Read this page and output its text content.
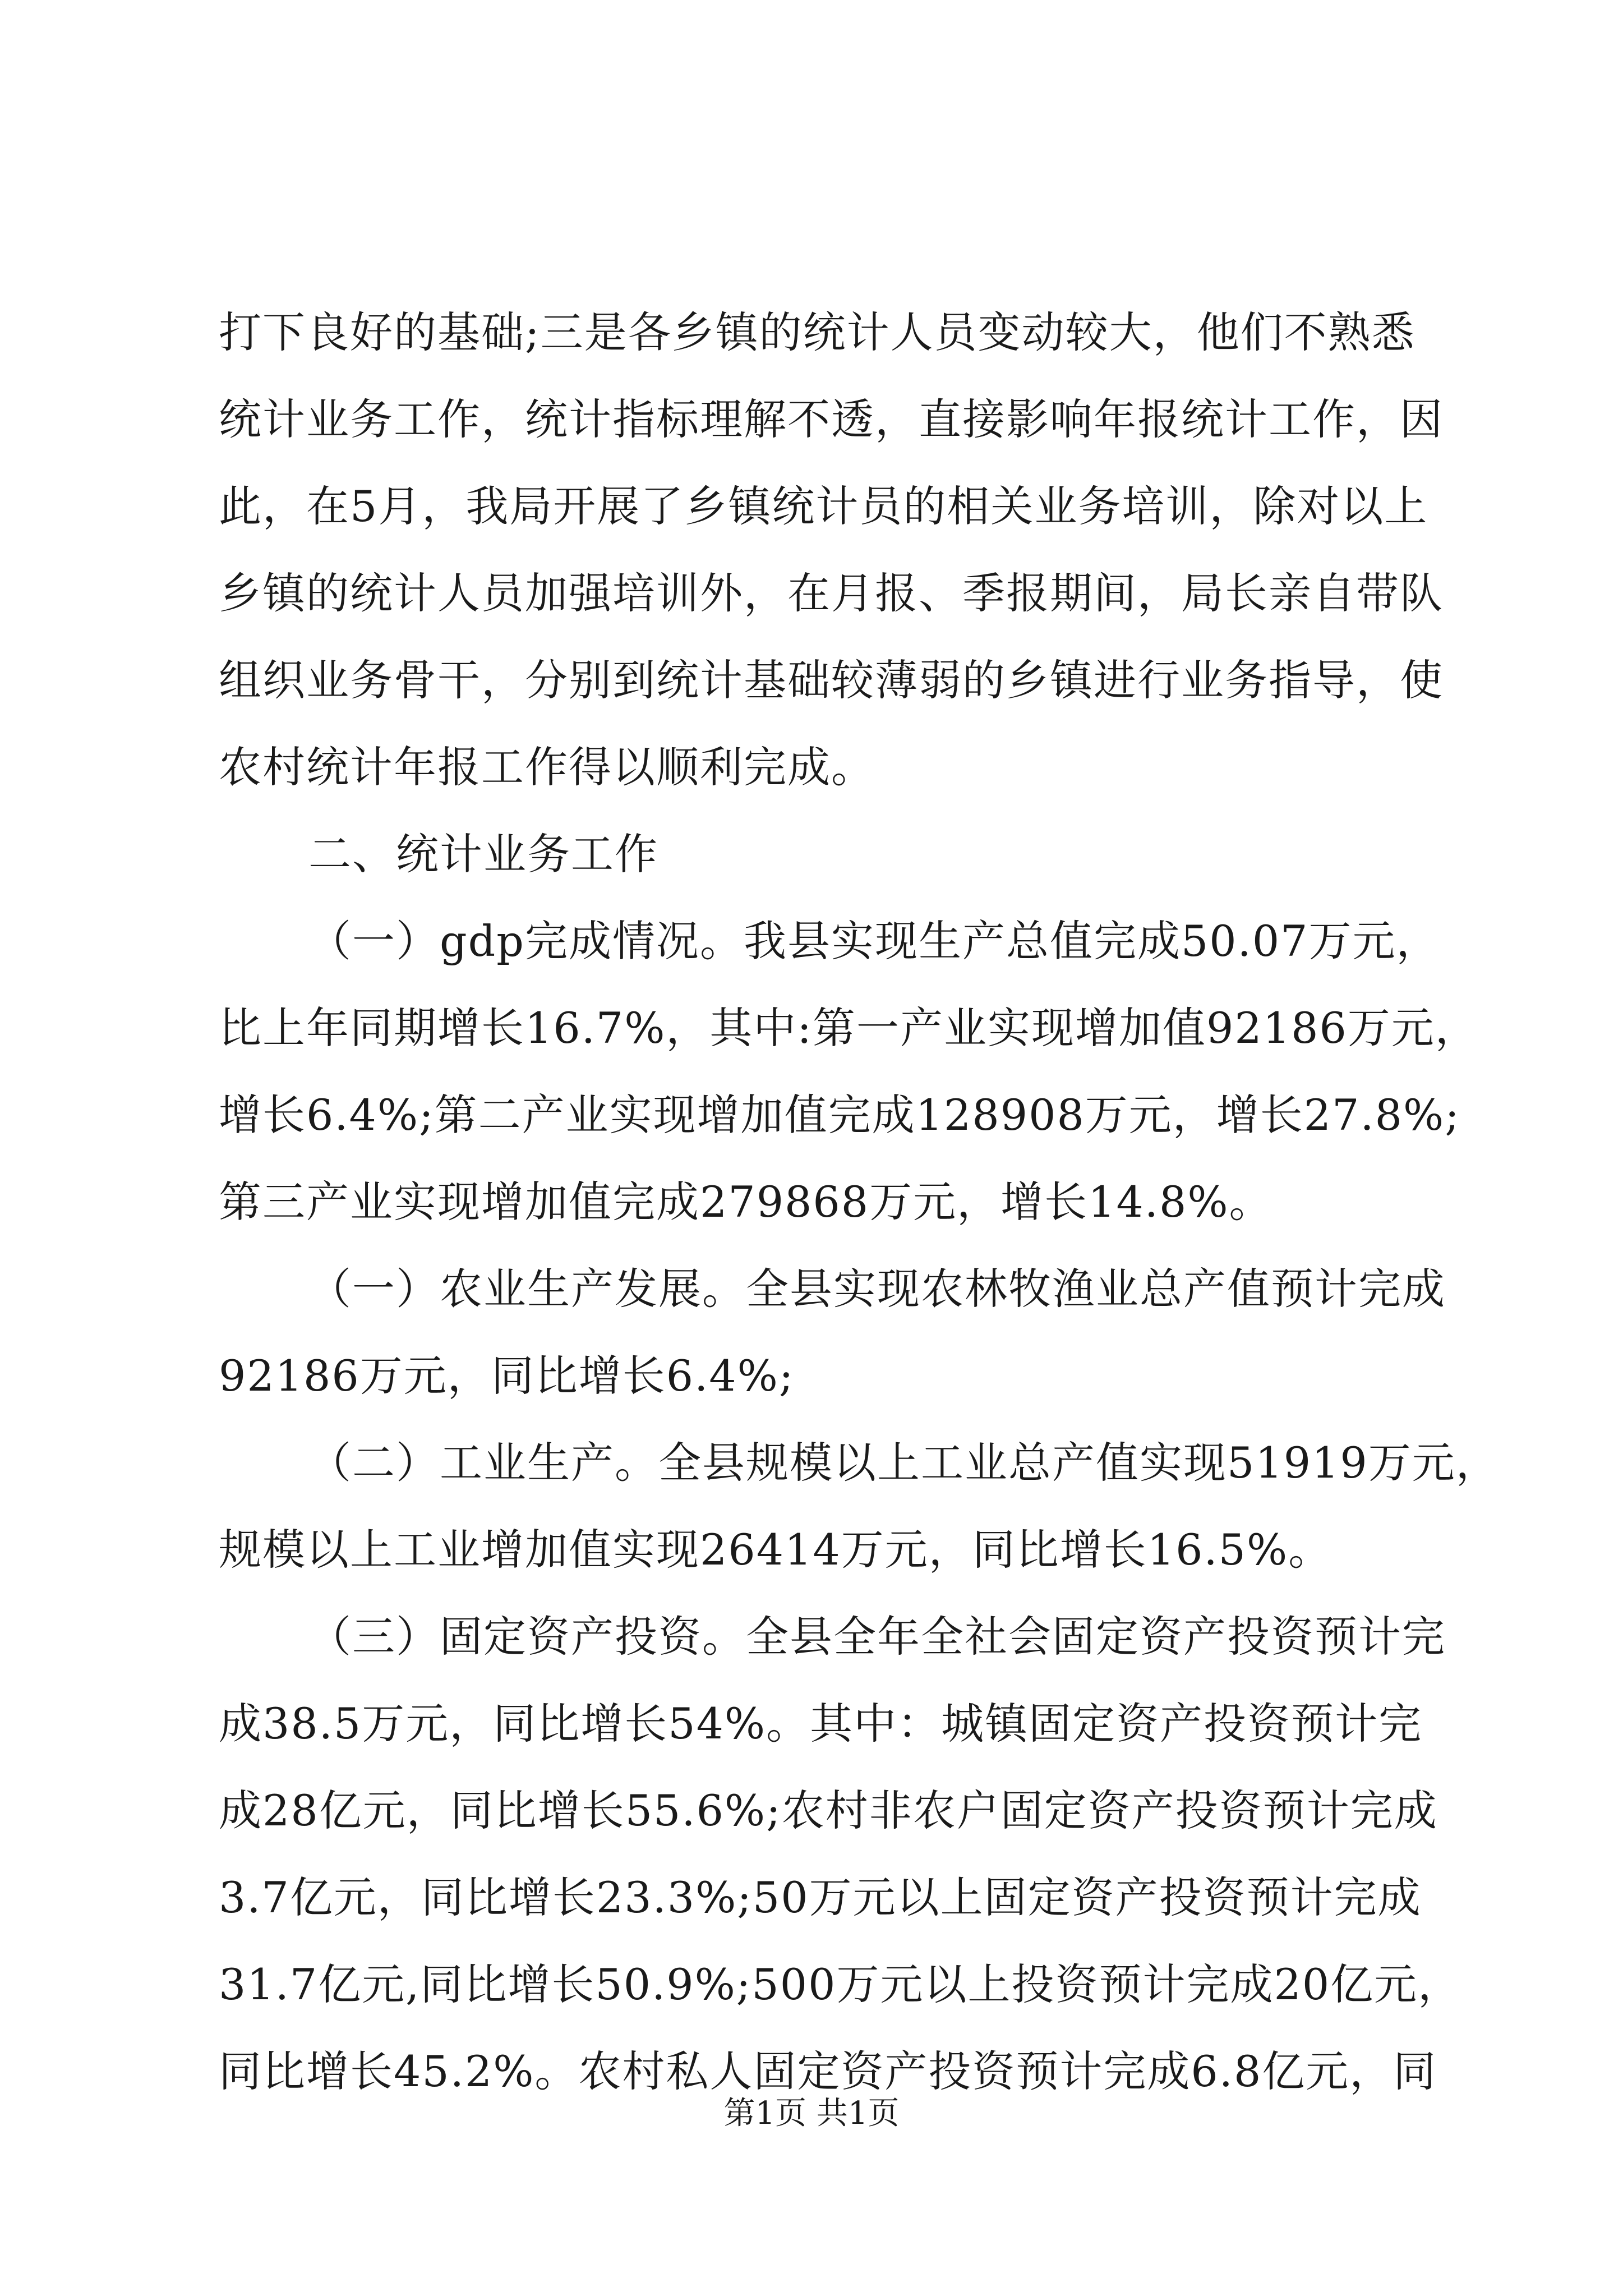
打下良好的基础;三是各乡镇的统计人员变动较大，他们不熟悉
统计业务工作，统计指标理解不透，直接影响年报统计工作，因
此，在5月，我局开展了乡镇统计员的相关业务培训，除对以上
乡镇的统计人员加强培训外，在月报、季报期间，局长亲自带队
组织业务骨干，分别到统计基础较薄弱的乡镇进行业务指导，使
农村统计年报工作得以顺利完成。
二、统计业务工作
（一）gdp完成情况。我县实现生产总值完成50.07万元，
比上年同期增长16.7%，其中:第一产业实现增加值92186万元，
增长6.4%;第二产业实现增加值完成128908万元，增长27.8%;
第三产业实现增加值完成279868万元，增长14.8%。
（一）农业生产发展。全县实现农林牧渔业总产值预计完成
92186万元，同比增长6.4%;
（二）工业生产。全县规模以上工业总产值实现51919万元，
规模以上工业增加值实现26414万元，同比增长16.5%。
（三）固定资产投资。全县全年全社会固定资产投资预计完
成38.5万元，同比增长54%。其中：城镇固定资产投资预计完
成28亿元，同比增长55.6%;农村非农户固定资产投资预计完成
3.7亿元，同比增长23.3%;50万元以上固定资产投资预计完成
31.7亿元,同比增长50.9%;500万元以上投资预计完成20亿元，
同比增长45.2%。农村私人固定资产投资预计完成6.8亿元，同
第1页 共1页
